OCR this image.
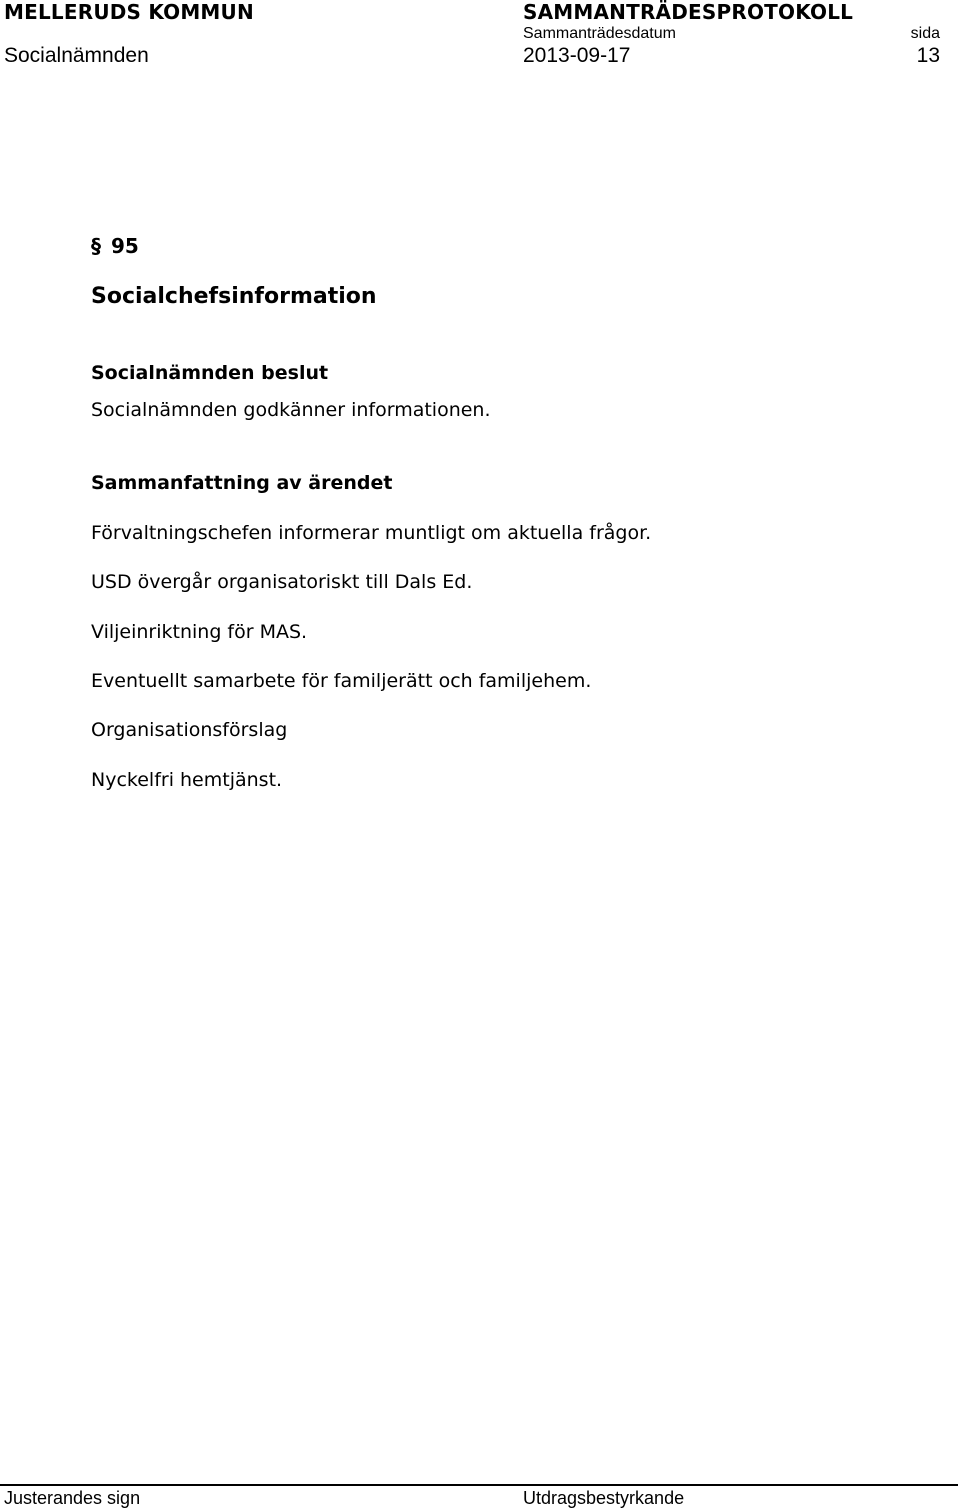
MELLERUDS KOMMUN	SAMMANTRÄDESPROTOKOLL
Sammanträdesdatum	sida
Socialnämnden	2013-09-17	13
§ 95
Socialchefsinformation
Socialnämnden beslut
Socialnämnden godkänner informationen.
Sammanfattning av ärendet
Förvaltningschefen informerar muntligt om aktuella frågor.
USD övergår organisatoriskt till Dals Ed.
Viljeinriktning för MAS.
Eventuellt samarbete för familjerätt och familjehem.
Organisationsförslag
Nyckelfri hemtjänst.
Justerandes sign	Utdragsbestyrkande
